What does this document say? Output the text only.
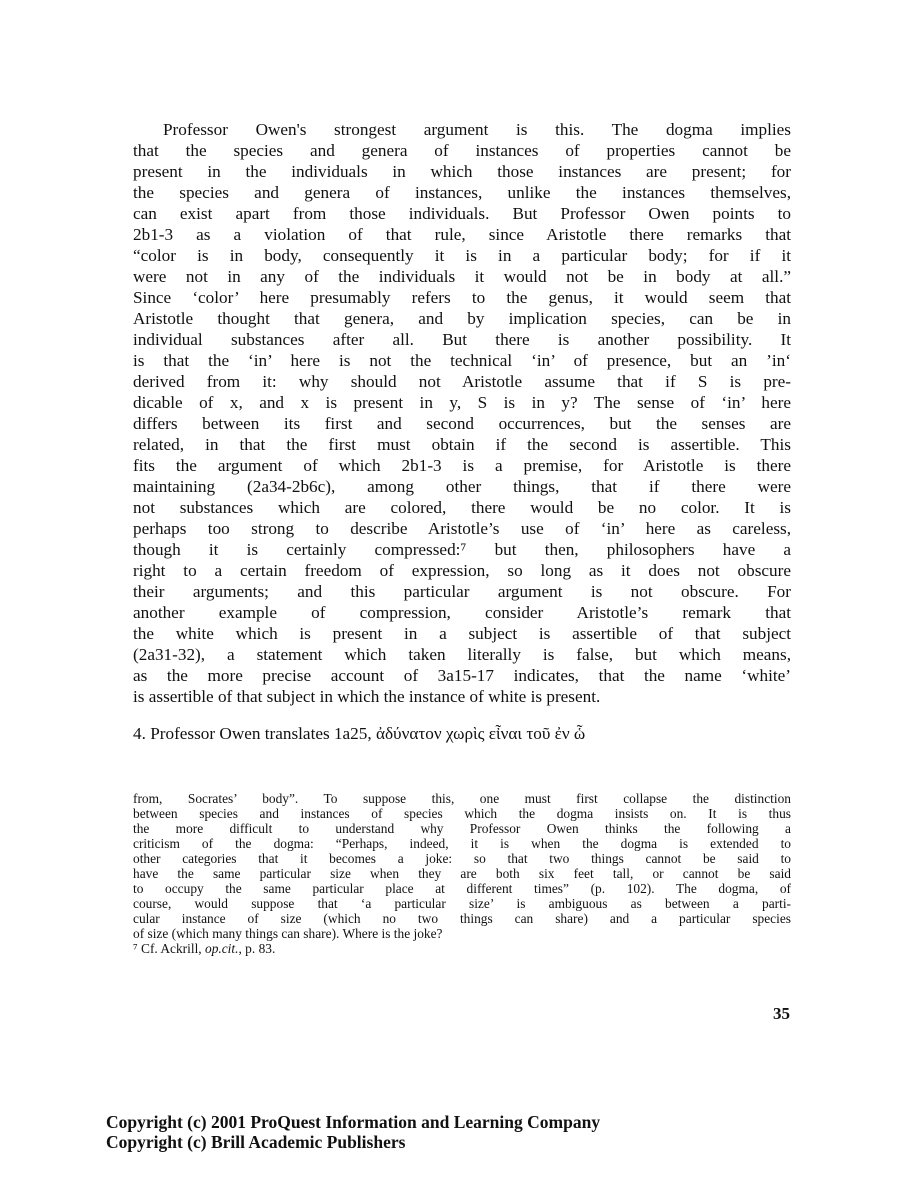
Professor Owen's strongest argument is this. The dogma implies
that the species and genera of instances of properties cannot be
present in the individuals in which those instances are present; for
the species and genera of instances, unlike the instances themselves,
can exist apart from those individuals. But Professor Owen points to
2b1-3 as a violation of that rule, since Aristotle there remarks that
“color is in body, consequently it is in a particular body; for if it
were not in any of the individuals it would not be in body at all.”
Since ‘color’ here presumably refers to the genus, it would seem that
Aristotle thought that genera, and by implication species, can be in
individual substances after all. But there is another possibility. It
is that the ‘in’ here is not the technical ‘in’ of presence, but an ’in‘
derived from it: why should not Aristotle assume that if S is pre-
dicable of x, and x is present in y, S is in y? The sense of ‘in’ here
differs between its first and second occurrences, but the senses are
related, in that the first must obtain if the second is assertible. This
fits the argument of which 2b1-3 is a premise, for Aristotle is there
maintaining (2a34-2b6c), among other things, that if there were
not substances which are colored, there would be no color. It is
perhaps too strong to describe Aristotle’s use of ‘in’ here as careless,
though it is certainly compressed:⁷ but then, philosophers have a
right to a certain freedom of expression, so long as it does not obscure
their arguments; and this particular argument is not obscure. For
another example of compression, consider Aristotle’s remark that
the white which is present in a subject is assertible of that subject
(2a31-32), a statement which taken literally is false, but which means,
as the more precise account of 3a15-17 indicates, that the name ‘white’
is assertible of that subject in which the instance of white is present.
4. Professor Owen translates 1a25, ἀδύνατον χωρὶς εἶναι τοῦ ἐν ὧ
from, Socrates’ body”. To suppose this, one must first collapse the distinction
between species and instances of species which the dogma insists on. It is thus
the more difficult to understand why Professor Owen thinks the following a
criticism of the dogma: “Perhaps, indeed, it is when the dogma is extended to
other categories that it becomes a joke: so that two things cannot be said to
have the same particular size when they are both six feet tall, or cannot be said
to occupy the same particular place at different times” (p. 102). The dogma, of
course, would suppose that ‘a particular size’ is ambiguous as between a parti-
cular instance of size (which no two things can share) and a particular species
of size (which many things can share). Where is the joke?
⁷ Cf. Ackrill, op.cit., p. 83.
35
Copyright (c) 2001 ProQuest Information and Learning Company
Copyright (c) Brill Academic Publishers
